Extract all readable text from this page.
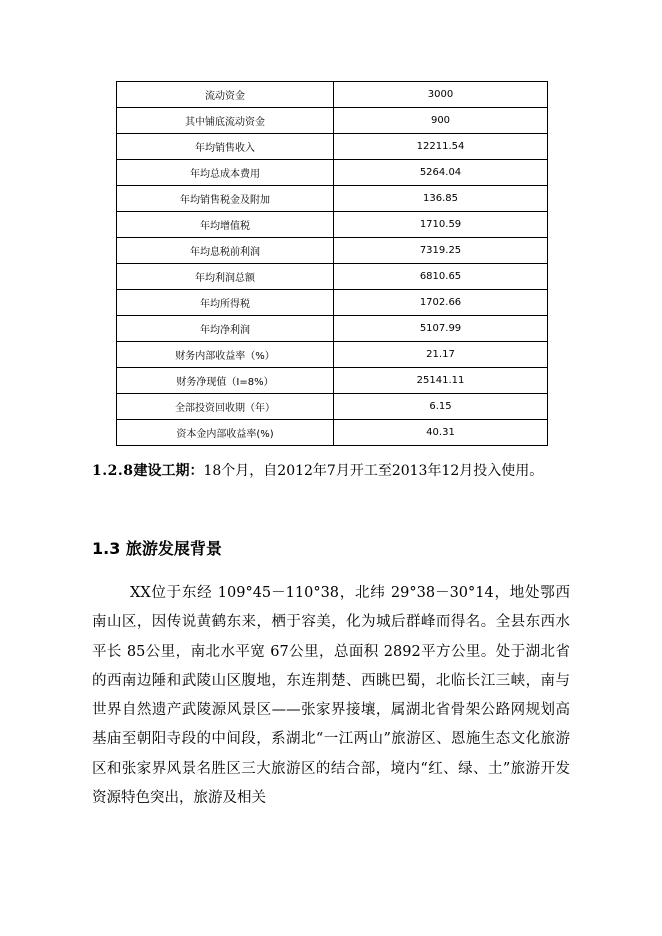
流动资金	3000
其中铺底流动资金	900
年均销售收入	12211.54
年均总成本费用	5264.04
年均销售税金及附加	136.85
年均增值税	1710.59
年均息税前利润	7319.25
年均利润总额	6810.65
年均所得税	1702.66
年均净利润	5107.99
财务内部收益率（%）	21.17
财务净现值（I=8%）	25141.11
全部投资回收期（年）	6.15
资本金内部收益率(%)	40.31

1.2.8建设工期：18个月，自2012年7月开工至2013年12月投入使用。

1.3 旅游发展背景

XX位于东经 109°45－110°38，北纬 29°38－30°14，地处鄂西南山区，因传说黄鹤东来，栖于容美，化为城后群峰而得名。全县东西水平长 85公里，南北水平宽 67公里，总面积 2892平方公里。处于湖北省的西南边陲和武陵山区腹地，东连荆楚、西眺巴蜀，北临长江三峡，南与世界自然遗产武陵源风景区——张家界接壤，属湖北省骨架公路网规划高基庙至朝阳寺段的中间段，系湖北“一江两山”旅游区、恩施生态文化旅游区和张家界风景名胜区三大旅游区的结合部，境内“红、绿、土”旅游开发资源特色突出，旅游及相关
